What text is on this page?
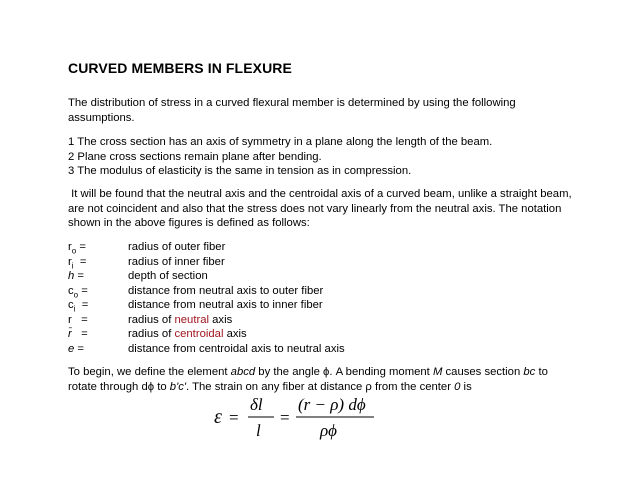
CURVED MEMBERS IN FLEXURE
The distribution of stress in a curved flexural member is determined by using the following assumptions.
1 The cross section has an axis of symmetry in a plane along the length of the beam.
2 Plane cross sections remain plane after bending.
3 The modulus of elasticity is the same in tension as in compression.
It will be found that the neutral axis and the centroidal axis of a curved beam, unlike a straight beam, are not coincident and also that the stress does not vary linearly from the neutral axis. The notation shown in the above figures is defined as follows:
$r_o$ =	radius of outer fiber
$r_i$  =	radius of inner fiber
h =	depth of section
$c_o$ =	distance from neutral axis to outer fiber
$c_i$  =	distance from neutral axis to inner fiber
r   =	radius of neutral axis
r̄   =	radius of centroidal axis
e =	distance from centroidal axis to neutral axis
To begin, we define the element abcd by the angle ϕ. A bending moment M causes section bc to rotate through dϕ to b'c'. The strain on any fiber at distance ρ from the center 0 is
ε =
δl
l
=
(r − ρ) dϕ
ρϕ
